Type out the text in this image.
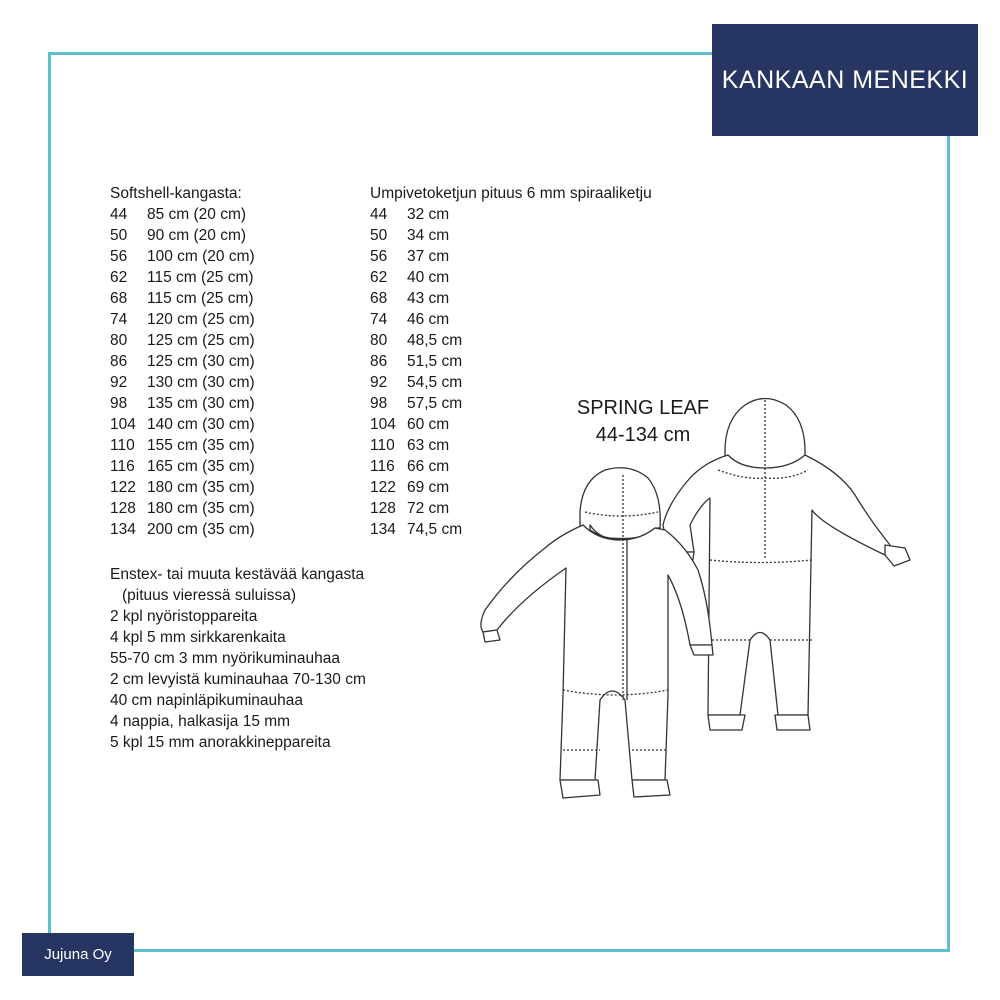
KANKAAN MENEKKI
Softshell-kangasta:
44	85 cm (20 cm)
50	90 cm (20 cm)
56	100 cm (20 cm)
62	115 cm (25 cm)
68	115 cm (25 cm)
74	120 cm (25 cm)
80	125 cm (25 cm)
86	125 cm (30 cm)
92	130 cm (30 cm)
98	135 cm (30 cm)
104 140 cm (30 cm)
110 155 cm (35 cm)
116 165 cm (35 cm)
122 180 cm (35 cm)
128 180 cm (35 cm)
134 200 cm (35 cm)
Umpivetoketjun pituus 6 mm spiraaliketju
44	32 cm
50	34 cm
56	37 cm
62	40 cm
68	43 cm
74	46 cm
80	48,5 cm
86	51,5 cm
92	54,5 cm
98	57,5 cm
104 60 cm
110 63 cm
116 66 cm
122 69 cm
128 72 cm
134 74,5 cm
Enstex- tai muuta kestävää kangasta
(pituus vieressä suluissa)
2 kpl nyöristoppareita
4 kpl 5 mm sirkkarenkaita
55-70 cm 3 mm nyörikuminauhaa
2 cm levyistä kuminauhaa 70-130 cm
40 cm napinläpikuminauhaa
4 nappia, halkasija 15 mm
5 kpl 15 mm anorakkineppareita
SPRING LEAF
44-134 cm
Jujuna Oy
